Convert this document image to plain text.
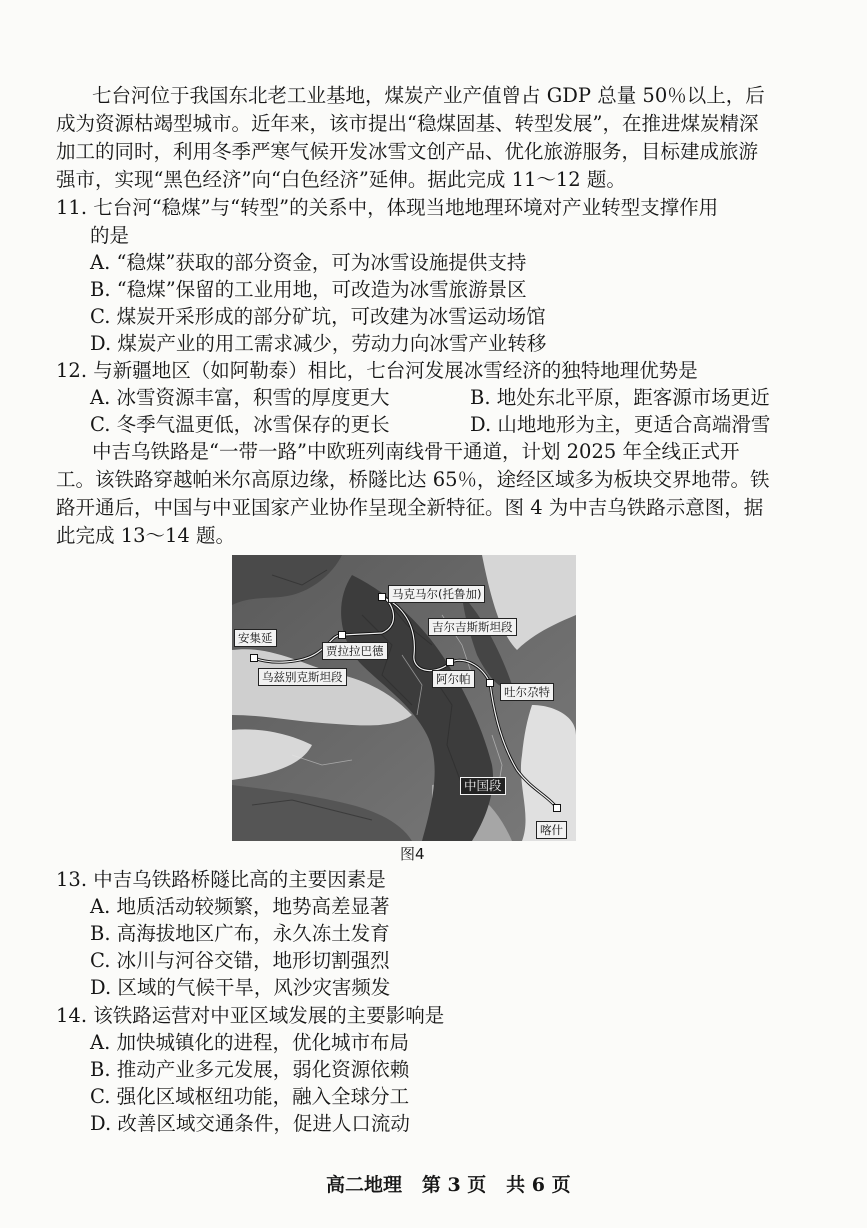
七台河位于我国东北老工业基地，煤炭产业产值曾占 GDP 总量 50％以上，后
成为资源枯竭型城市。近年来，该市提出“稳煤固基、转型发展”，在推进煤炭精深
加工的同时，利用冬季严寒气候开发冰雪文创产品、优化旅游服务，目标建成旅游
强市，实现“黑色经济”向“白色经济”延伸。据此完成 11～12 题。
11. 七台河“稳煤”与“转型”的关系中，体现当地地理环境对产业转型支撑作用
的是
A. “稳煤”获取的部分资金，可为冰雪设施提供支持
B. “稳煤”保留的工业用地，可改造为冰雪旅游景区
C. 煤炭开采形成的部分矿坑，可改建为冰雪运动场馆
D. 煤炭产业的用工需求减少，劳动力向冰雪产业转移
12. 与新疆地区（如阿勒泰）相比，七台河发展冰雪经济的独特地理优势是
A. 冰雪资源丰富，积雪的厚度更大	B. 地处东北平原，距客源市场更近
C. 冬季气温更低，冰雪保存的更长	D. 山地地形为主，更适合高端滑雪
中吉乌铁路是“一带一路”中欧班列南线骨干通道，计划 2025 年全线正式开
工。该铁路穿越帕米尔高原边缘，桥隧比达 65％，途经区域多为板块交界地带。铁
路开通后，中国与中亚国家产业协作呈现全新特征。图 4 为中吉乌铁路示意图，据
此完成 13～14 题。
马克马尔(托鲁加)
安集延
贾拉拉巴德
吉尔吉斯斯坦段
乌兹别克斯坦段	阿尔帕
吐尔尕特
中国段
喀什
图4
13. 中吉乌铁路桥隧比高的主要因素是
A. 地质活动较频繁，地势高差显著
B. 高海拔地区广布，永久冻土发育
C. 冰川与河谷交错，地形切割强烈
D. 区域的气候干旱，风沙灾害频发
14. 该铁路运营对中亚区域发展的主要影响是
A. 加快城镇化的进程，优化城市布局
B. 推动产业多元发展，弱化资源依赖
C. 强化区域枢纽功能，融入全球分工
D. 改善区域交通条件，促进人口流动
高二地理   第 3 页   共 6 页
